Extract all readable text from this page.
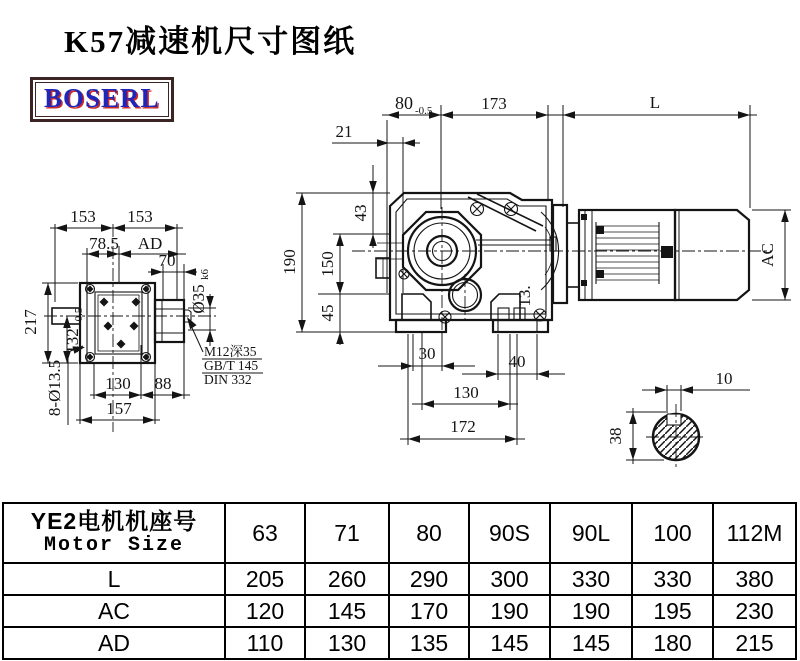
K57减速机尺寸图纸
BOSERL
153 153
78.5 AD
70
Ø35
k6
217
132
-0.5
8-Ø13.5 130 88
157
M12深35
GB/T 145
DIN 332
80 -0.5	173	L
21
43
190 150
45
30	40
130
172
13.
AC
10
38
YE2电机机座号
Motor Size	63	71	80	90S	90L	100	112M
L	205	260	290	300	330	330	380
AC	120	145	170	190	190	195	230
AD	110	130	135	145	145	180	215
